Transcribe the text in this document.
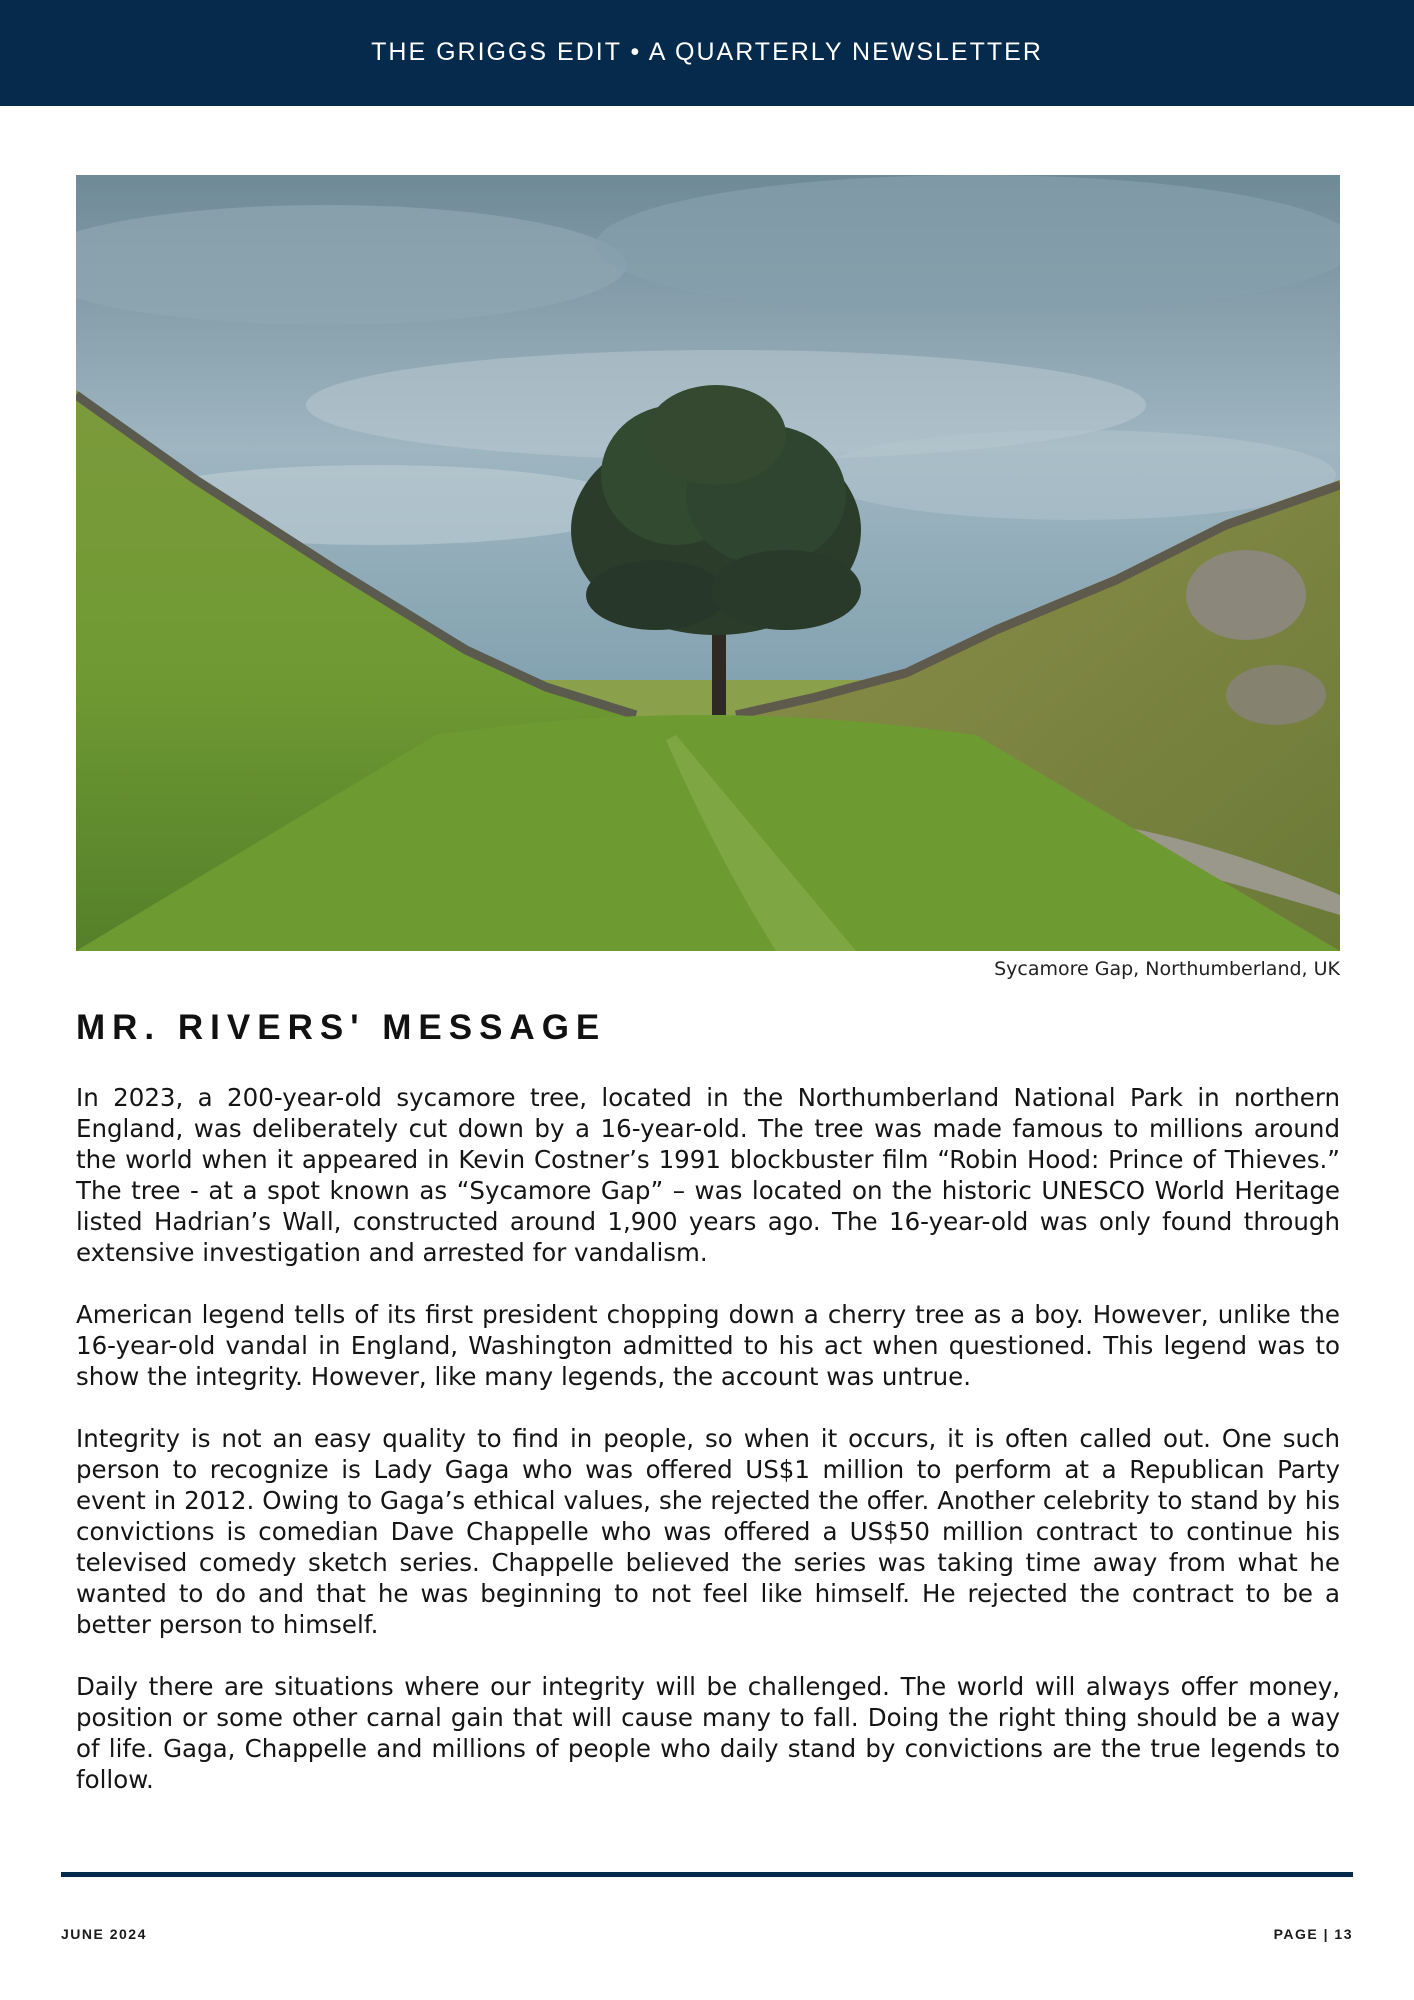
THE GRIGGS EDIT • A QUARTERLY NEWSLETTER
Sycamore Gap, Northumberland, UK
MR. RIVERS' MESSAGE

In 2023, a 200-year-old sycamore tree, located in the Northumberland National Park in northern England, was deliberately cut down by a 16-year-old. The tree was made famous to millions around the world when it appeared in Kevin Costner’s 1991 blockbuster film “Robin Hood: Prince of Thieves.” The tree - at a spot known as “Sycamore Gap” – was located on the historic UNESCO World Heritage listed Hadrian’s Wall, constructed around 1,900 years ago. The 16-year-old was only found through extensive investigation and arrested for vandalism.

American legend tells of its first president chopping down a cherry tree as a boy. However, unlike the 16-year-old vandal in England, Washington admitted to his act when questioned. This legend was to show the integrity. However, like many legends, the account was untrue.

Integrity is not an easy quality to find in people, so when it occurs, it is often called out. One such person to recognize is Lady Gaga who was offered US$1 million to perform at a Republican Party event in 2012. Owing to Gaga’s ethical values, she rejected the offer. Another celebrity to stand by his convictions is comedian Dave Chappelle who was offered a US$50 million contract to continue his televised comedy sketch series. Chappelle believed the series was taking time away from what he wanted to do and that he was beginning to not feel like himself. He rejected the contract to be a better person to himself.

Daily there are situations where our integrity will be challenged. The world will always offer money, position or some other carnal gain that will cause many to fall. Doing the right thing should be a way of life. Gaga, Chappelle and millions of people who daily stand by convictions are the true legends to follow.

JUNE 2024	PAGE | 13
